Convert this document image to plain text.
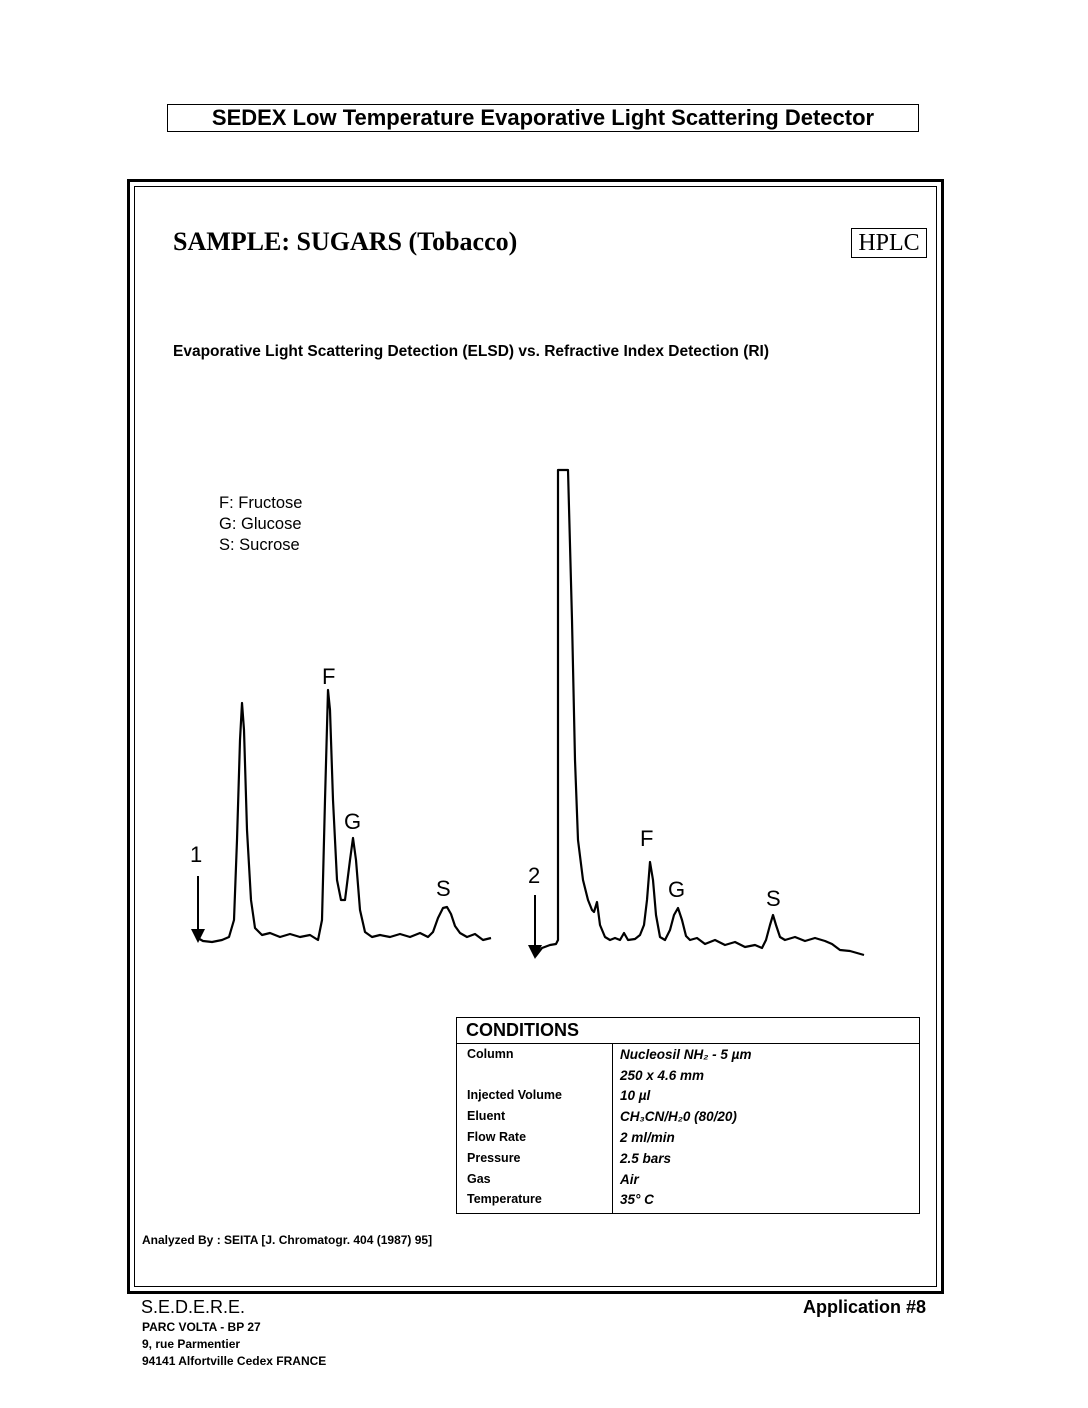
SEDEX Low Temperature Evaporative Light Scattering Detector
SAMPLE: SUGARS (Tobacco)	HPLC
Evaporative Light Scattering Detection (ELSD) vs. Refractive Index Detection (RI)
F: Fructose
G: Glucose
S: Sucrose
F
G
S
1
F
G	S
2
CONDITIONS
Column	Nucleosil NH₂ - 5 µm
250 x 4.6 mm
Injected Volume	10 µl
Eluent	CH₃CN/H₂0 (80/20)
Flow Rate	2 ml/min
Pressure	2.5 bars
Gas	Air
Temperature	35° C
Analyzed By : SEITA [J. Chromatogr. 404 (1987) 95]
S.E.D.E.R.E.
PARC VOLTA - BP 27
9, rue Parmentier
94141 Alfortville Cedex FRANCE
Application #8
